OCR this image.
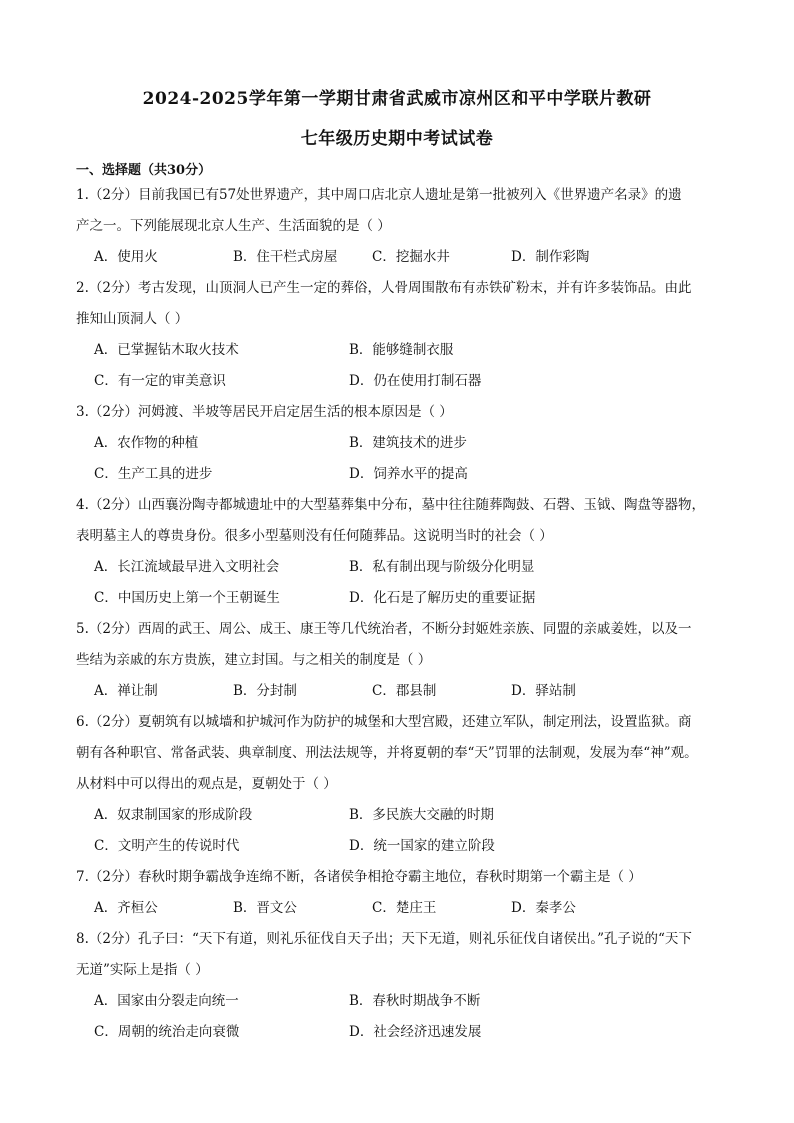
2024-2025学年第一学期甘肃省武威市凉州区和平中学联片教研
七年级历史期中考试试卷
一、选择题（共30分）
1.（2分）目前我国已有57处世界遗产，其中周口店北京人遗址是第一批被列入《世界遗产名录》的遗
产之一。下列能展现北京人生产、生活面貌的是（ ）
A．使用火	B．住干栏式房屋	C．挖掘水井	D．制作彩陶
2.（2分）考古发现，山顶洞人已产生一定的葬俗，人骨周围散布有赤铁矿粉末，并有许多装饰品。由此
推知山顶洞人（ ）
A．已掌握钻木取火技术	B．能够缝制衣服
C．有一定的审美意识	D．仍在使用打制石器
3.（2分）河姆渡、半坡等居民开启定居生活的根本原因是（ ）
A．农作物的种植	B．建筑技术的进步
C．生产工具的进步	D．饲养水平的提高
4.（2分）山西襄汾陶寺都城遗址中的大型墓葬集中分布，墓中往往随葬陶鼓、石磬、玉钺、陶盘等器物，
表明墓主人的尊贵身份。很多小型墓则没有任何随葬品。这说明当时的社会（ ）
A．长江流域最早进入文明社会	B．私有制出现与阶级分化明显
C．中国历史上第一个王朝诞生	D．化石是了解历史的重要证据
5.（2分）西周的武王、周公、成王、康王等几代统治者，不断分封姬姓亲族、同盟的亲戚姜姓，以及一
些结为亲戚的东方贵族，建立封国。与之相关的制度是（ ）
A．禅让制	B．分封制	C．郡县制	D．驿站制
6.（2分）夏朝筑有以城墙和护城河作为防护的城堡和大型宫殿，还建立军队，制定刑法，设置监狱。商
朝有各种职官、常备武装、典章制度、刑法法规等，并将夏朝的奉“天”罚罪的法制观，发展为奉“神”观。
从材料中可以得出的观点是，夏朝处于（ ）
A．奴隶制国家的形成阶段	B．多民族大交融的时期
C．文明产生的传说时代	D．统一国家的建立阶段
7.（2分）春秋时期争霸战争连绵不断，各诸侯争相抢夺霸主地位，春秋时期第一个霸主是（ ）
A．齐桓公	B．晋文公	C．楚庄王	D．秦孝公
8.（2分）孔子曰：“天下有道，则礼乐征伐自天子出；天下无道，则礼乐征伐自诸侯出。”孔子说的“天下
无道”实际上是指（ ）
A．国家由分裂走向统一	B．春秋时期战争不断
C．周朝的统治走向衰微	D．社会经济迅速发展
